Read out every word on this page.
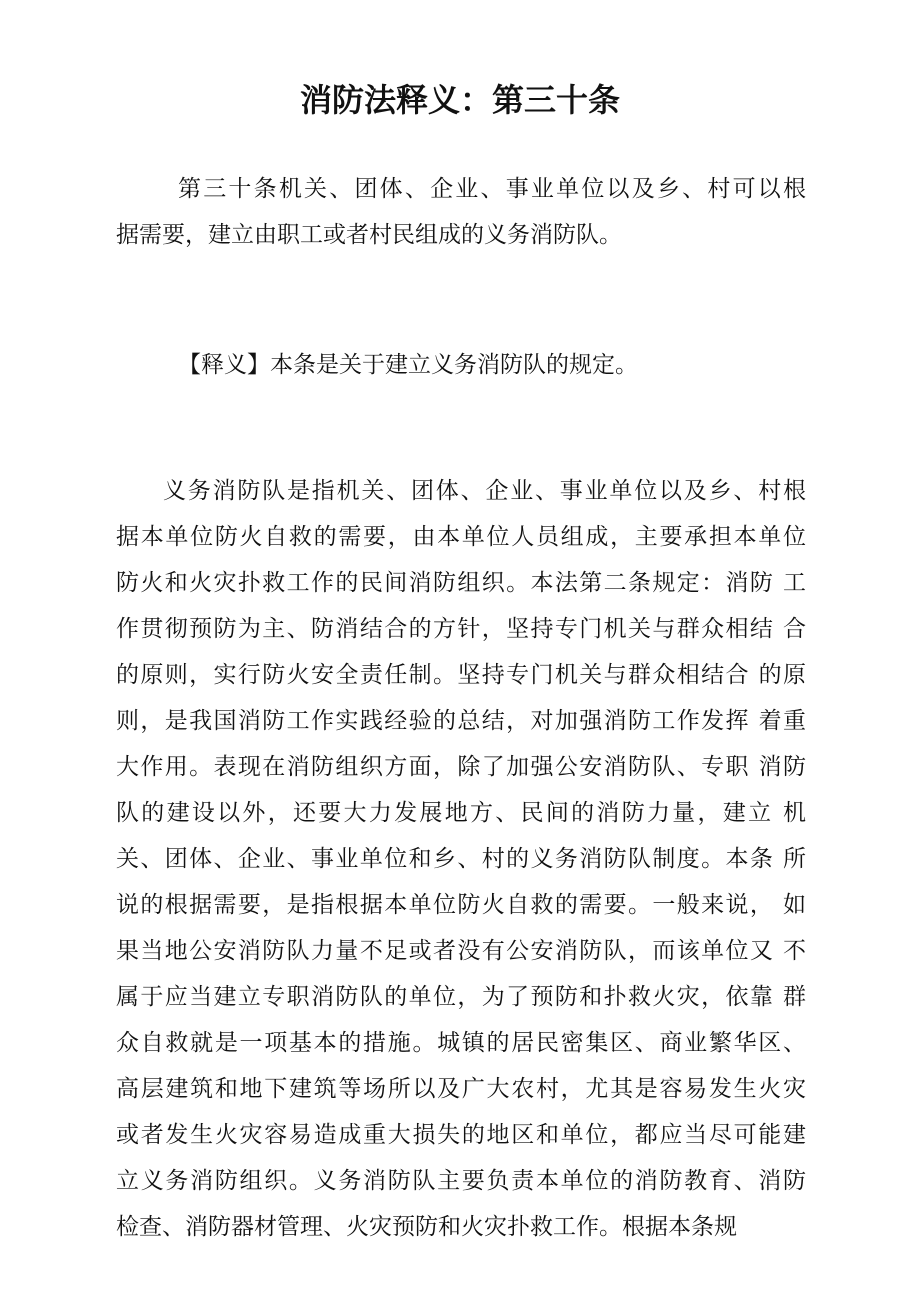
消防法释义：第三十条

第三十条机关、团体、企业、事业单位以及乡、村可以根

据需要，建立由职工或者村民组成的义务消防队。

【释义】本条是关于建立义务消防队的规定。

义务消防队是指机关、团体、企业、事业单位以及乡、村根

据本单位防火自救的需要，由本单位人员组成，主要承担本单位

防火和火灾扑救工作的民间消防组织。本法第二条规定：消防 工

作贯彻预防为主、防消结合的方针，坚持专门机关与群众相结 合

的原则，实行防火安全责任制。坚持专门机关与群众相结合 的原

则，是我国消防工作实践经验的总结，对加强消防工作发挥 着重

大作用。表现在消防组织方面，除了加强公安消防队、专职 消防

队的建设以外，还要大力发展地方、民间的消防力量，建立 机

关、团体、企业、事业单位和乡、村的义务消防队制度。本条 所

说的根据需要，是指根据本单位防火自救的需要。一般来说， 如

果当地公安消防队力量不足或者没有公安消防队，而该单位又 不

属于应当建立专职消防队的单位，为了预防和扑救火灾，依靠 群

众自救就是一项基本的措施。城镇的居民密集区、商业繁华区、

高层建筑和地下建筑等场所以及广大农村，尤其是容易发生火灾

或者发生火灾容易造成重大损失的地区和单位，都应当尽可能建

立义务消防组织。义务消防队主要负责本单位的消防教育、消防

检查、消防器材管理、火灾预防和火灾扑救工作。根据本条规
